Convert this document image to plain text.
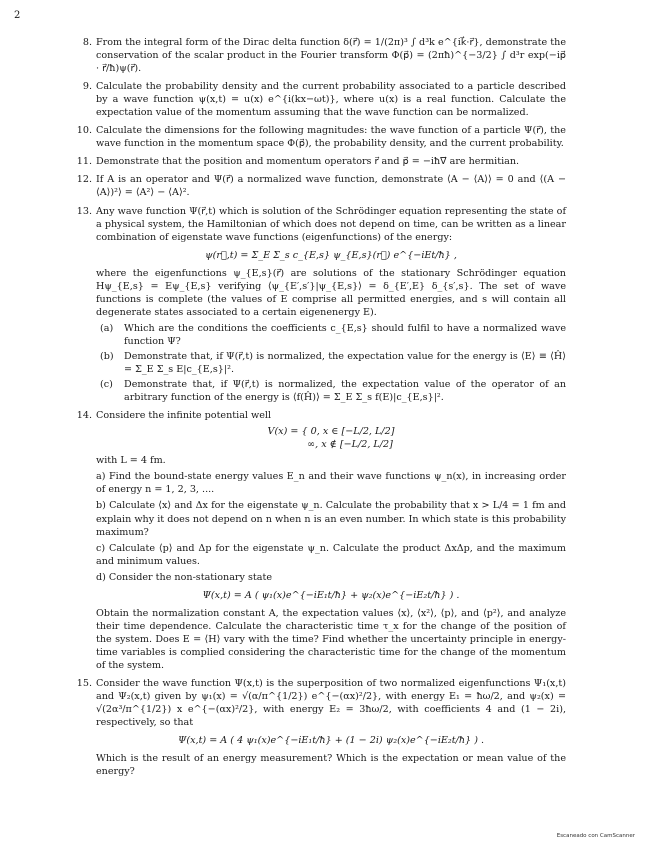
2
8. From the integral form of the Dirac delta function δ(r⃗) = 1/(2π)³ ∫ d³k e^{ik⃗·r⃗}, demonstrate the conservation of the scalar product in the Fourier transform Φ(p⃗) = (2πħ)^{−3/2} ∫ d³r exp(−ip⃗ · r⃗/ħ)ψ(r⃗).
9. Calculate the probability density and the current probability associated to a particle described by a wave function ψ(x,t) = u(x) e^{i(kx−ωt)}, where u(x) is a real function. Calculate the expectation value of the momentum assuming that the wave function can be normalized.
10. Calculate the dimensions for the following magnitudes: the wave function of a particle Ψ(r⃗), the wave function in the momentum space Φ(p⃗), the probability density, and the current probability.
11. Demonstrate that the position and momentum operators r⃗ and p⃗ = −iħ∇⃗ are hermitian.
12. If A is an operator and Ψ(r⃗) a normalized wave function, demonstrate ⟨A − ⟨A⟩⟩ = 0 and ⟨(A − ⟨A⟩)²⟩ = ⟨A²⟩ − ⟨A⟩².
13. Any wave function Ψ(r⃗,t) which is solution of the Schrödinger equation representing the state of a physical system, the Hamiltonian of which does not depend on time, can be written as a linear combination of eigenstate wave functions (eigenfunctions) of the energy:
ψ(r⃗,t) = Σ_E Σ_s c_{E,s} ψ_{E,s}(r⃗) e^{−iEt/ħ} ,
where the eigenfunctions ψ_{E,s}(r⃗) are solutions of the stationary Schrödinger equation Hψ_{E,s} = Eψ_{E,s} verifying ⟨ψ_{E′,s′}|ψ_{E,s}⟩ = δ_{E′,E} δ_{s′,s}. The set of wave functions is complete (the values of E comprise all permitted energies, and s will contain all degenerate states associated to a certain eigenenergy E).
(a) Which are the conditions the coefficients c_{E,s} should fulfil to have a normalized wave function Ψ?
(b) Demonstrate that, if Ψ(r⃗,t) is normalized, the expectation value for the energy is ⟨E⟩ ≡ ⟨Ĥ⟩ = Σ_E Σ_s E|c_{E,s}|².
(c) Demonstrate that, if Ψ(r⃗,t) is normalized, the expectation value of the operator of an arbitrary function of the energy is ⟨f(Ĥ)⟩ = Σ_E Σ_s f(E)|c_{E,s}|².
14. Considere the infinite potential well
V(x) = { 0, x ∈ [−L/2, L/2]
∞, x ∉ [−L/2, L/2]
with L = 4 fm.
a) Find the bound-state energy values E_n and their wave functions ψ_n(x), in increasing order of energy n = 1, 2, 3, ....
b) Calculate ⟨x⟩ and Δx for the eigenstate ψ_n. Calculate the probability that x > L/4 = 1 fm and explain why it does not depend on n when n is an even number. In which state is this probability maximum?
c) Calculate ⟨p⟩ and Δp for the eigenstate ψ_n. Calculate the product ΔxΔp, and the maximum and minimum values.
d) Consider the non-stationary state
Ψ(x,t) = A ( ψ₁(x)e^{−iE₁t/ħ} + ψ₂(x)e^{−iE₂t/ħ} ) .
Obtain the normalization constant A, the expectation values ⟨x⟩, ⟨x²⟩, ⟨p⟩, and ⟨p²⟩, and analyze their time dependence. Calculate the characteristic time τ_x for the change of the position of the system. Does E = ⟨H⟩ vary with the time? Find whether the uncertainty principle in energy-time variables is complied considering the characteristic time for the change of the momentum of the system.
15. Consider the wave function Ψ(x,t) is the superposition of two normalized eigenfunctions Ψ₁(x,t) and Ψ₂(x,t) given by ψ₁(x) = √(α/π^{1/2}) e^{−(αx)²/2}, with energy E₁ = ħω/2, and ψ₂(x) = √(2α³/π^{1/2}) x e^{−(αx)²/2}, with energy E₂ = 3ħω/2, with coefficients 4 and (1 − 2i), respectively, so that
Ψ(x,t) = A ( 4 ψ₁(x)e^{−iE₁t/ħ} + (1 − 2i) ψ₂(x)e^{−iE₂t/ħ} ) .
Which is the result of an energy measurement? Which is the expectation or mean value of the energy?
Escaneado con CamScanner
